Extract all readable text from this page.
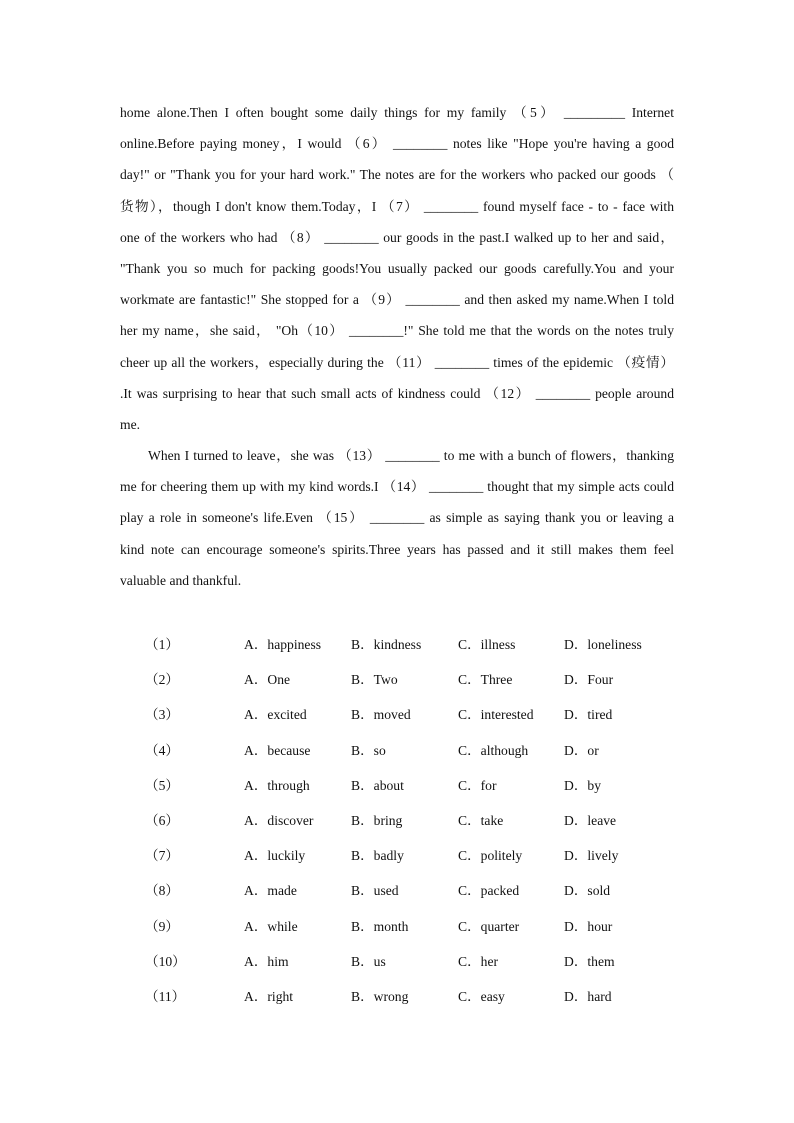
home alone.Then I often bought some daily things for my family （5） _________ Internet
online.Before paying money，I would （6） ________ notes like "Hope you're having a good
day!" or "Thank you for your hard work." The notes are for the workers who packed our goods （
货物），though I don't know them.Today，I （7） ________ found myself face - to - face with
one of the workers who had （8） ________ our goods in the past.I walked up to her and said，
"Thank you so much for packing goods!You usually packed our goods carefully.You and your
workmate are fantastic!" She stopped for a （9） ________ and then asked my name.When I told
her my name，she said， "Oh（10） ________!" She told me that the words on the notes truly
cheer up all the workers，especially during the （11） ________ times of the epidemic （疫情）
.It was surprising to hear that such small acts of kindness could （12） ________ people around
me.
When I turned to leave，she was （13） ________ to me with a bunch of flowers，thanking
me for cheering them up with my kind words.I （14） ________ thought that my simple acts could
play a role in someone's life.Even （15） ________ as simple as saying thank you or leaving a
kind note can encourage someone's spirits.Three years has passed and it still makes them feel
valuable and thankful.
（1）	A．happiness B．kindness	C．illness	D．loneliness
（2）	A．One	B．Two	C．Three	D．Four
（3）	A．excited	B．moved	C．interested D．tired
（4）	A．because	B．so	C．although	D．or
（5）	A．through	B．about	C．for	D．by
（6）	A．discover	B．bring	C．take	D．leave
（7）	A．luckily	B．badly	C．politely	D．lively
（8）	A．made	B．used	C．packed	D．sold
（9）	A．while	B．month	C．quarter	D．hour
（10）	A．him	B．us	C．her	D．them
（11）	A．right	B．wrong	C．easy	D．hard
